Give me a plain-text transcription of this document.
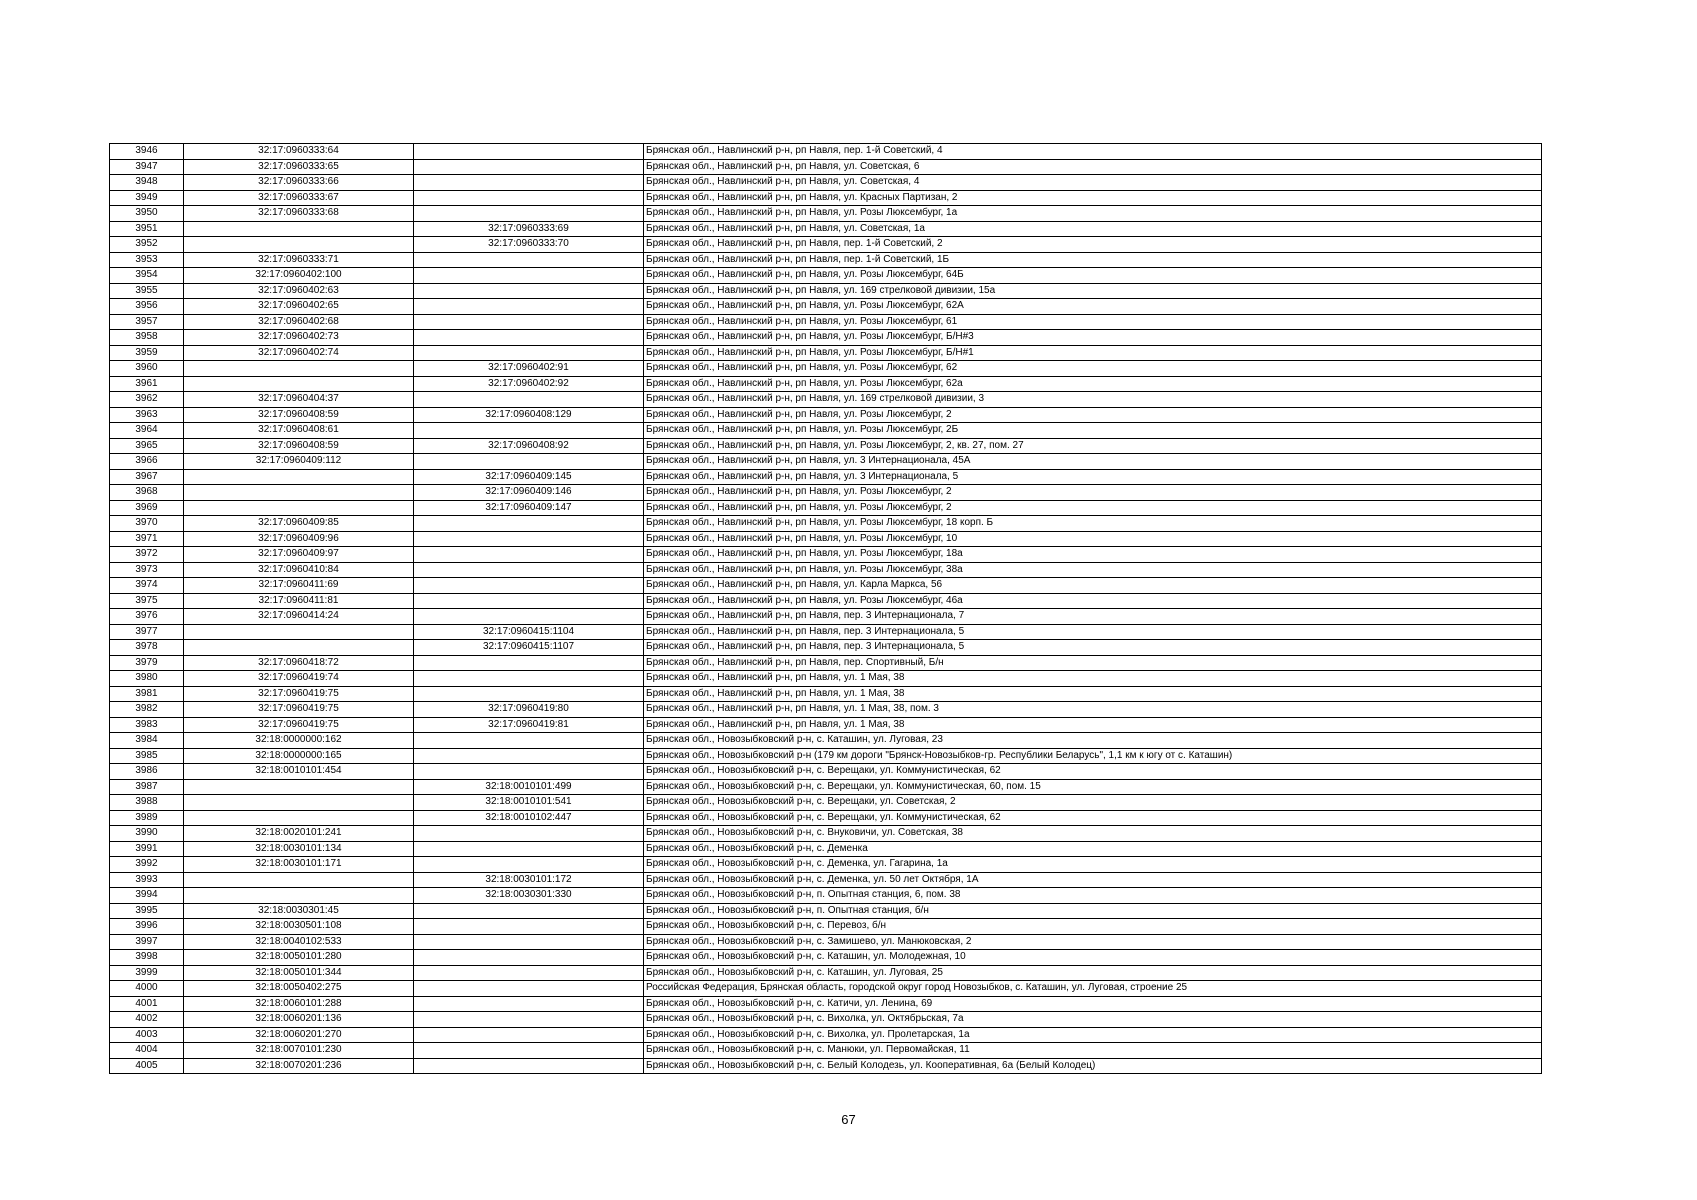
3946	32:17:0960333:64		Брянская обл., Навлинский р-н, рп Навля, пер. 1-й Советский, 4
3947	32:17:0960333:65		Брянская обл., Навлинский р-н, рп Навля, ул. Советская, 6
3948	32:17:0960333:66		Брянская обл., Навлинский р-н, рп Навля, ул. Советская, 4
3949	32:17:0960333:67		Брянская обл., Навлинский р-н, рп Навля, ул. Красных Партизан, 2
3950	32:17:0960333:68		Брянская обл., Навлинский р-н, рп Навля, ул. Розы Люксембург, 1а
3951		32:17:0960333:69	Брянская обл., Навлинский р-н, рп Навля, ул. Советская, 1а
3952		32:17:0960333:70	Брянская обл., Навлинский р-н, рп Навля, пер. 1-й Советский, 2
3953	32:17:0960333:71		Брянская обл., Навлинский р-н, рп Навля, пер. 1-й Советский, 1Б
3954	32:17:0960402:100		Брянская обл., Навлинский р-н, рп Навля, ул. Розы Люксембург, 64Б
3955	32:17:0960402:63		Брянская обл., Навлинский р-н, рп Навля, ул. 169 стрелковой дивизии, 15а
3956	32:17:0960402:65		Брянская обл., Навлинский р-н, рп Навля, ул. Розы Люксембург, 62А
3957	32:17:0960402:68		Брянская обл., Навлинский р-н, рп Навля, ул. Розы Люксембург, 61
3958	32:17:0960402:73		Брянская обл., Навлинский р-н, рп Навля, ул. Розы Люксембург, Б/Н#3
3959	32:17:0960402:74		Брянская обл., Навлинский р-н, рп Навля, ул. Розы Люксембург, Б/Н#1
3960		32:17:0960402:91	Брянская обл., Навлинский р-н, рп Навля, ул. Розы Люксембург, 62
3961		32:17:0960402:92	Брянская обл., Навлинский р-н, рп Навля, ул. Розы Люксембург, 62а
3962	32:17:0960404:37		Брянская обл., Навлинский р-н, рп Навля, ул. 169 стрелковой дивизии, 3
3963	32:17:0960408:59	32:17:0960408:129	Брянская обл., Навлинский р-н, рп Навля, ул. Розы Люксембург, 2
3964	32:17:0960408:61		Брянская обл., Навлинский р-н, рп Навля, ул. Розы Люксембург, 2Б
3965	32:17:0960408:59	32:17:0960408:92	Брянская обл., Навлинский р-н, рп Навля, ул. Розы Люксембург, 2, кв. 27, пом. 27
3966	32:17:0960409:112		Брянская обл., Навлинский р-н, рп Навля, ул. 3 Интернационала, 45А
3967		32:17:0960409:145	Брянская обл., Навлинский р-н, рп Навля, ул. 3 Интернационала, 5
3968		32:17:0960409:146	Брянская обл., Навлинский р-н, рп Навля, ул. Розы Люксембург, 2
3969		32:17:0960409:147	Брянская обл., Навлинский р-н, рп Навля, ул. Розы Люксембург, 2
3970	32:17:0960409:85		Брянская обл., Навлинский р-н, рп Навля, ул. Розы Люксембург, 18 корп. Б
3971	32:17:0960409:96		Брянская обл., Навлинский р-н, рп Навля, ул. Розы Люксембург, 10
3972	32:17:0960409:97		Брянская обл., Навлинский р-н, рп Навля, ул. Розы Люксембург, 18а
3973	32:17:0960410:84		Брянская обл., Навлинский р-н, рп Навля, ул. Розы Люксембург, 38а
3974	32:17:0960411:69		Брянская обл., Навлинский р-н, рп Навля, ул. Карла Маркса, 56
3975	32:17:0960411:81		Брянская обл., Навлинский р-н, рп Навля, ул. Розы Люксембург, 46а
3976	32:17:0960414:24		Брянская обл., Навлинский р-н, рп Навля, пер. 3 Интернационала, 7
3977		32:17:0960415:1104	Брянская обл., Навлинский р-н, рп Навля, пер. 3 Интернационала, 5
3978		32:17:0960415:1107	Брянская обл., Навлинский р-н, рп Навля, пер. 3 Интернационала, 5
3979	32:17:0960418:72		Брянская обл., Навлинский р-н, рп Навля, пер. Спортивный, Б/н
3980	32:17:0960419:74		Брянская обл., Навлинский р-н, рп Навля, ул. 1 Мая, 38
3981	32:17:0960419:75		Брянская обл., Навлинский р-н, рп Навля, ул. 1 Мая, 38
3982	32:17:0960419:75	32:17:0960419:80	Брянская обл., Навлинский р-н, рп Навля, ул. 1 Мая, 38, пом. 3
3983	32:17:0960419:75	32:17:0960419:81	Брянская обл., Навлинский р-н, рп Навля, ул. 1 Мая, 38
3984	32:18:0000000:162		Брянская обл., Новозыбковский р-н, с. Каташин, ул. Луговая, 23
3985	32:18:0000000:165		Брянская обл., Новозыбковский р-н (179 км дороги "Брянск-Новозыбков-гр. Республики Беларусь", 1,1 км к югу от с. Каташин)
3986	32:18:0010101:454		Брянская обл., Новозыбковский р-н, с. Верещаки, ул. Коммунистическая, 62
3987		32:18:0010101:499	Брянская обл., Новозыбковский р-н, с. Верещаки, ул. Коммунистическая, 60, пом. 15
3988		32:18:0010101:541	Брянская обл., Новозыбковский р-н, с. Верещаки, ул. Советская, 2
3989		32:18:0010102:447	Брянская обл., Новозыбковский р-н, с. Верещаки, ул. Коммунистическая, 62
3990	32:18:0020101:241		Брянская обл., Новозыбковский р-н, с. Внуковичи, ул. Советская, 38
3991	32:18:0030101:134		Брянская обл., Новозыбковский р-н, с. Деменка
3992	32:18:0030101:171		Брянская обл., Новозыбковский р-н, с. Деменка, ул. Гагарина, 1а
3993		32:18:0030101:172	Брянская обл., Новозыбковский р-н, с. Деменка, ул. 50 лет Октября, 1А
3994		32:18:0030301:330	Брянская обл., Новозыбковский р-н, п. Опытная станция, 6, пом. 38
3995	32:18:0030301:45		Брянская обл., Новозыбковский р-н, п. Опытная станция, б/н
3996	32:18:0030501:108		Брянская обл., Новозыбковский р-н, с. Перевоз, б/н
3997	32:18:0040102:533		Брянская обл., Новозыбковский р-н, с. Замишево, ул. Манюковская, 2
3998	32:18:0050101:280		Брянская обл., Новозыбковский р-н, с. Каташин, ул. Молодежная, 10
3999	32:18:0050101:344		Брянская обл., Новозыбковский р-н, с. Каташин, ул. Луговая, 25
4000	32:18:0050402:275		Российская Федерация, Брянская область, городской округ город Новозыбков, с. Каташин, ул. Луговая, строение 25
4001	32:18:0060101:288		Брянская обл., Новозыбковский р-н, с. Катичи, ул. Ленина, 69
4002	32:18:0060201:136		Брянская обл., Новозыбковский р-н, с. Вихолка, ул. Октябрьская, 7а
4003	32:18:0060201:270		Брянская обл., Новозыбковский р-н, с. Вихолка, ул. Пролетарская, 1а
4004	32:18:0070101:230		Брянская обл., Новозыбковский р-н, с. Манюки, ул. Первомайская, 11
4005	32:18:0070201:236		Брянская обл., Новозыбковский р-н, с. Белый Колодезь, ул. Кооперативная, 6а (Белый Колодец)
67
